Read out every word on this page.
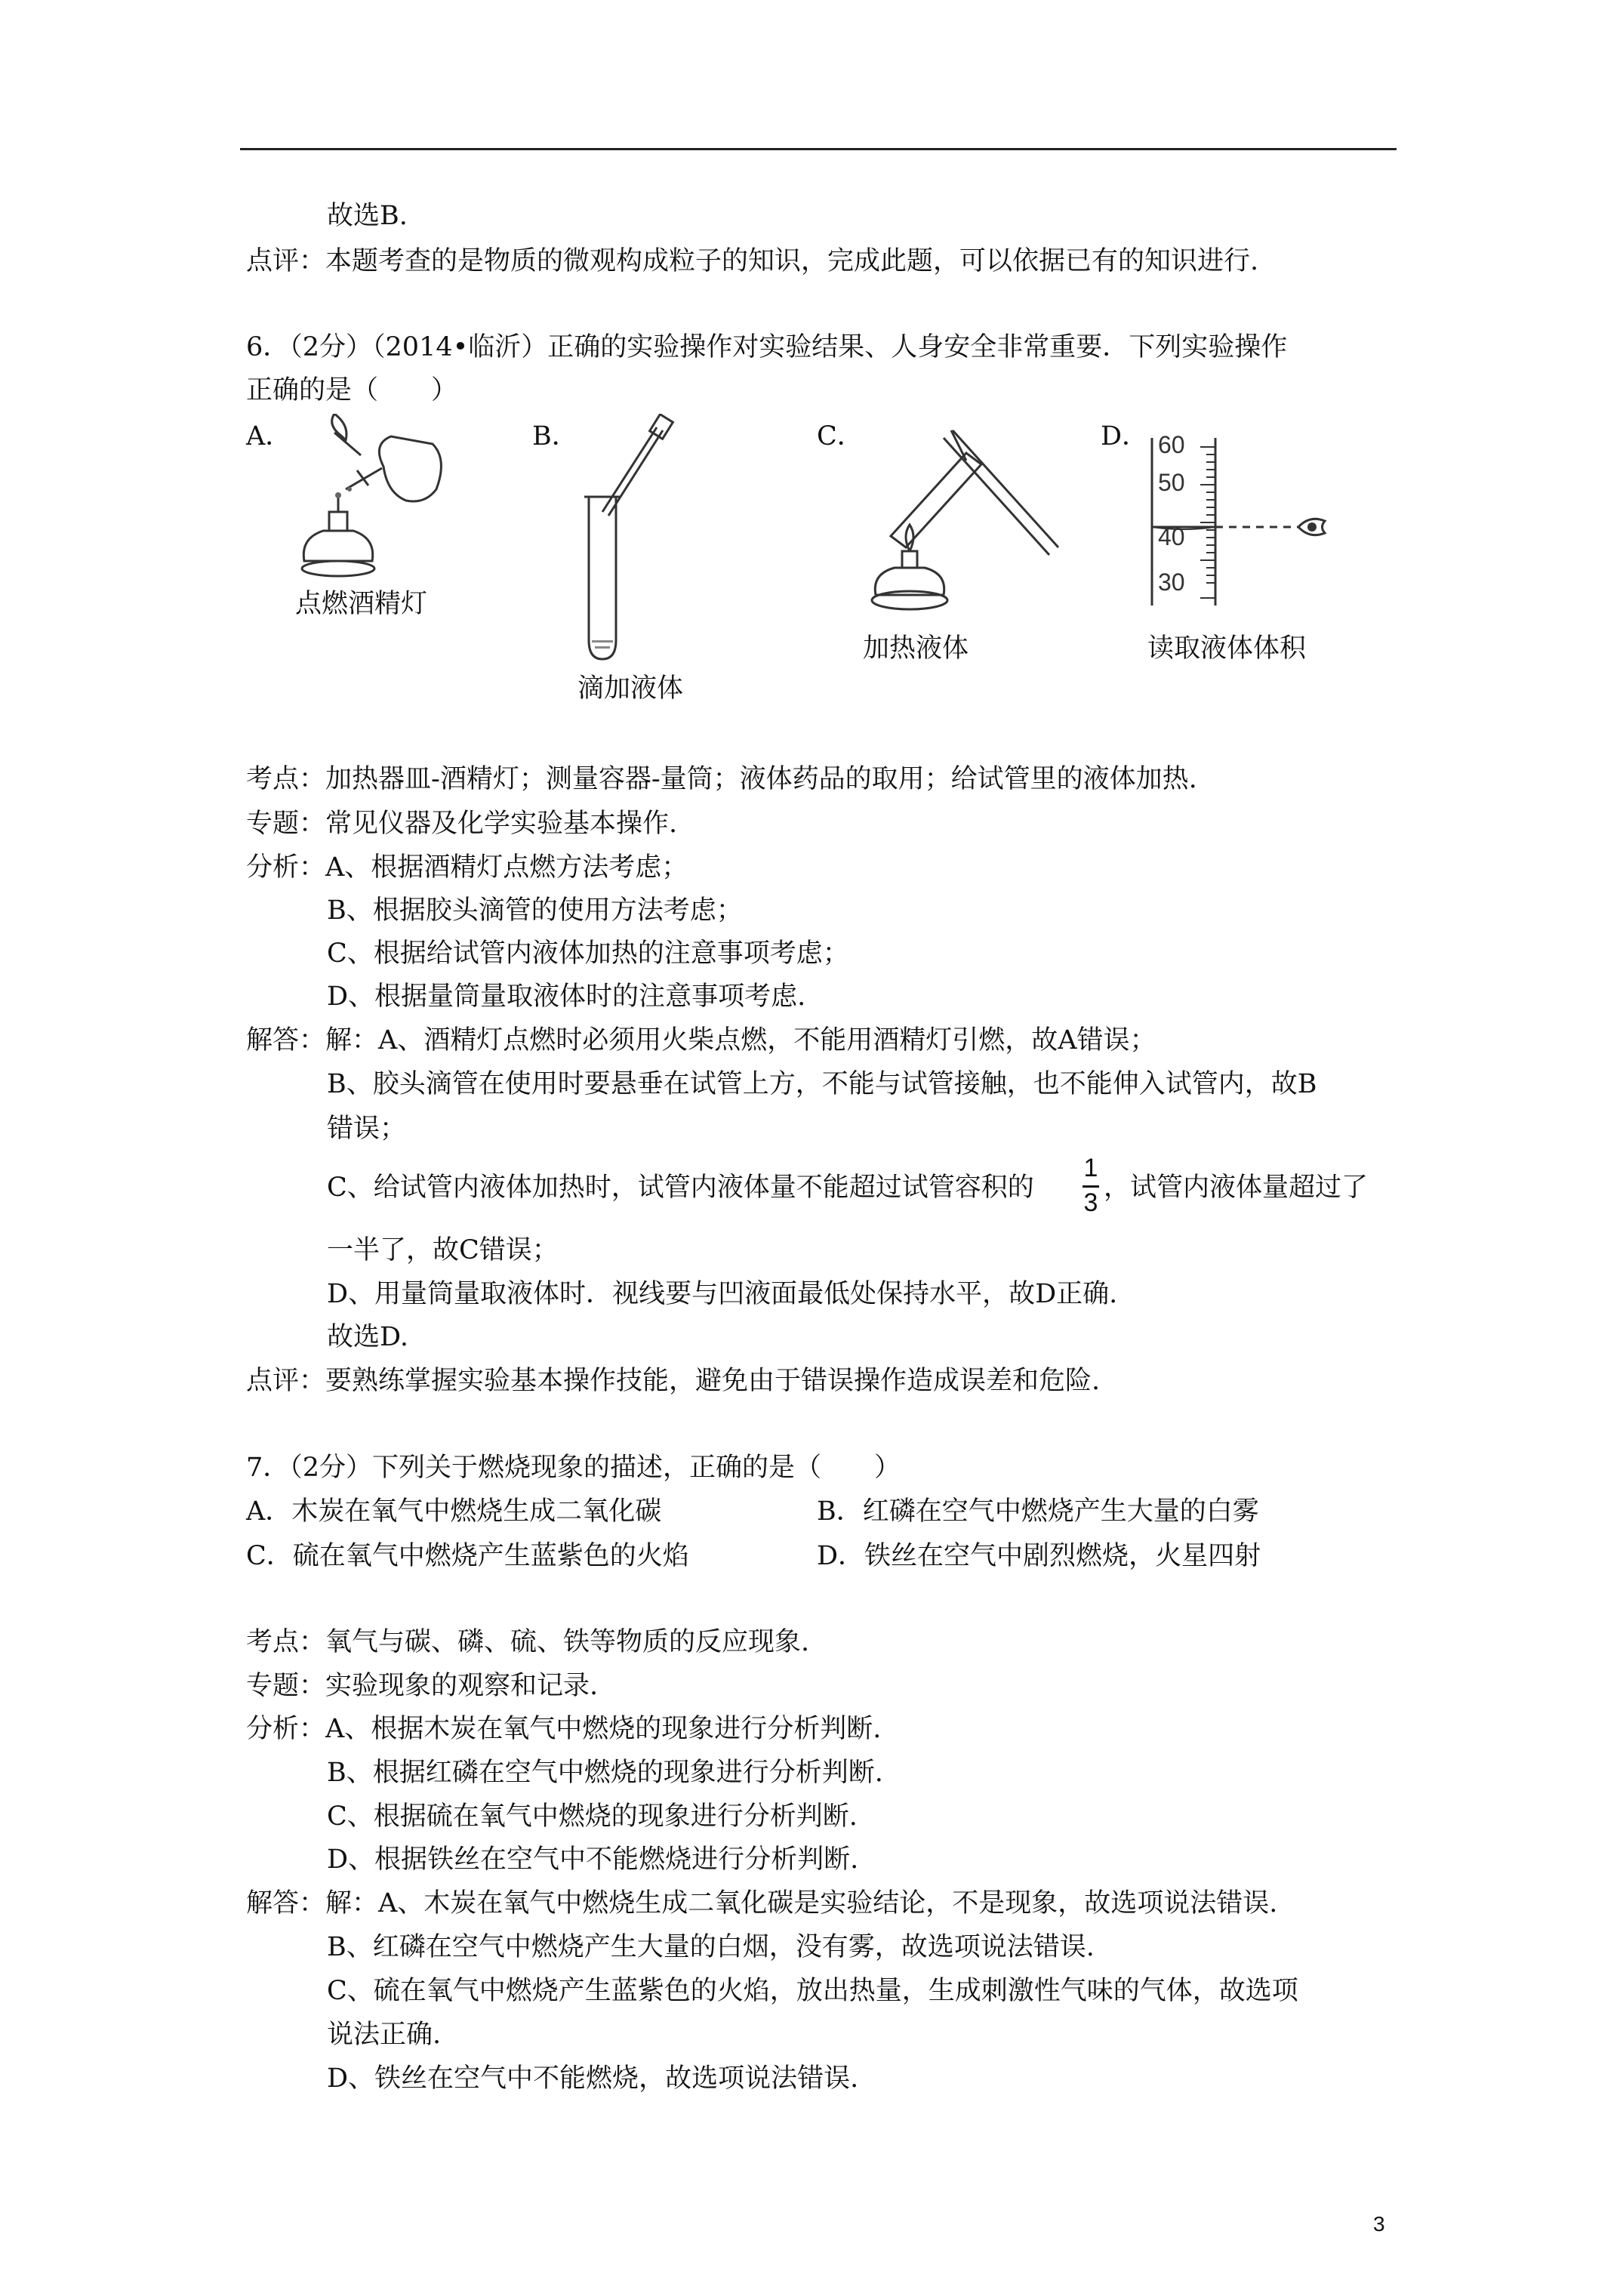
故选B.
点评：本题考查的是物质的微观构成粒子的知识，完成此题，可以依据已有的知识进行.
6．（2分）（2014•临沂）正确的实验操作对实验结果、人身安全非常重要．下列实验操作
正确的是（　　）
A．	B．	C．	D．
点燃酒精灯
滴加液体
加热液体
60
50
40
30
读取液体体积
考点：加热器皿-酒精灯；测量容器-量筒；液体药品的取用；给试管里的液体加热.
专题：常见仪器及化学实验基本操作.
分析：A、根据酒精灯点燃方法考虑；
B、根据胶头滴管的使用方法考虑；
C、根据给试管内液体加热的注意事项考虑；
D、根据量筒量取液体时的注意事项考虑.
解答：解：A、酒精灯点燃时必须用火柴点燃，不能用酒精灯引燃，故A错误；
B、胶头滴管在使用时要悬垂在试管上方，不能与试管接触，也不能伸入试管内，故B
错误；
C、给试管内液体加热时，试管内液体量不能超过试管容积的
1
3 ，试管内液体量超过了
一半了，故C错误；
D、用量筒量取液体时．视线要与凹液面最低处保持水平，故D正确.
故选D.
点评：要熟练掌握实验基本操作技能，避免由于错误操作造成误差和危险.
7．（2分）下列关于燃烧现象的描述，正确的是（　　）
A．木炭在氧气中燃烧生成二氧化碳	B．红磷在空气中燃烧产生大量的白雾
C．硫在氧气中燃烧产生蓝紫色的火焰	D．铁丝在空气中剧烈燃烧，火星四射
考点：氧气与碳、磷、硫、铁等物质的反应现象.
专题：实验现象的观察和记录.
分析：A、根据木炭在氧气中燃烧的现象进行分析判断.
B、根据红磷在空气中燃烧的现象进行分析判断.
C、根据硫在氧气中燃烧的现象进行分析判断.
D、根据铁丝在空气中不能燃烧进行分析判断.
解答：解：A、木炭在氧气中燃烧生成二氧化碳是实验结论，不是现象，故选项说法错误.
B、红磷在空气中燃烧产生大量的白烟，没有雾，故选项说法错误.
C、硫在氧气中燃烧产生蓝紫色的火焰，放出热量，生成刺激性气味的气体，故选项
说法正确.
D、铁丝在空气中不能燃烧，故选项说法错误.
3
